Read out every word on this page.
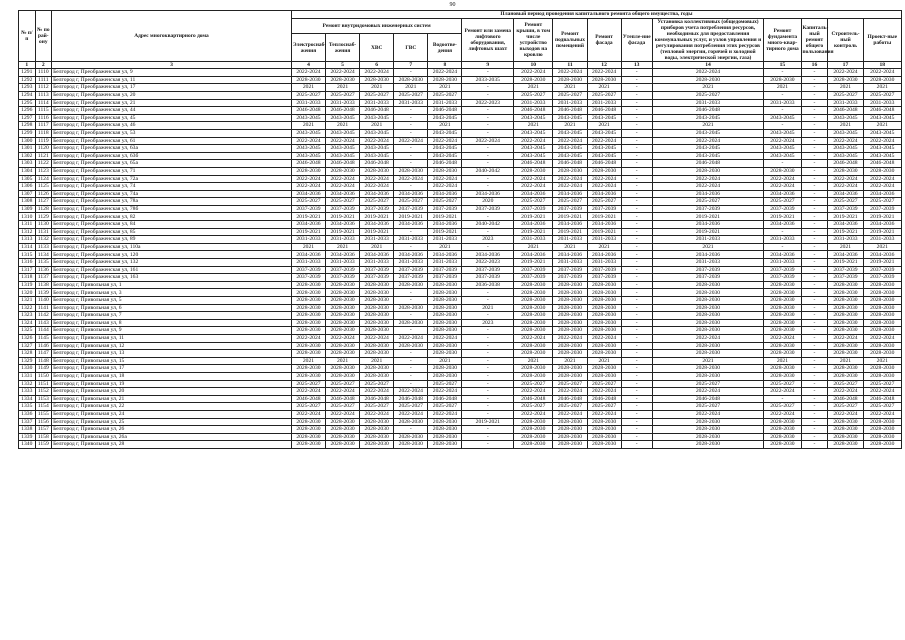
90
№ п/п	№ по рай-ону	Адрес многоквартирного дома	Плановый период проведения капитального ремонта общего имущества, годы														
			Ремонт внутридомовых инженерных систем					Ремонт или замена лифтового оборудования, лифтовых шахт	Ремонт крыши, в том числе устройство выходов на кровлю	Ремонт подвальных помещений	Ремонт фасада	Утепле-ние фасада	Установка коллективных (общедомовых) приборов учета потребления ресурсов, необходимых для предоставления коммунальных услуг, и узлов управления и регулирования потребления этих ресурсов (тепловой энергии, горячей и холодной воды, электрической энергии, газа)	Ремонт фундамента много-квар-тирного дома	Капиталь-ный ремонт общего пользования	Строитель-ный контроль	Проект-ные работы
			Электроснаб-жения	Теплоснаб-жения	ХВС	ГВС	Водоотве-дения										
1	2	3	4	5	6	7	8	9	10	11	12	13	14	15	16	17	18
1291	1110	Белгород г, Преображенская ул, 9	2022-2024	2022-2024	2022-2024	-	2022-2024	-	2022-2024	2022-2024	2022-2024	-	2022-2024	-	-	2022-2024	2022-2024
1292	1111	Белгород г, Преображенская ул, 11	2028-2030	2028-2030	2028-2030	2028-2030	2028-2030	2033-2035	2028-2030	2028-2030	2028-2030	-	2028-2030	2028-2030	-	2028-2030	2028-2030
1293	1112	Белгород г, Преображенская ул, 17	2021	2021	2021	2021	2021	-	2021	2021	2021	-	2021	2021	-	2021	2021
1294	1113	Белгород г, Преображенская ул, 20	2025-2027	2025-2027	2025-2027	2025-2027	2025-2027	-	2025-2027	2025-2027	2025-2027	-	2025-2027	-	-	2025-2027	2025-2027
1295	1114	Белгород г, Преображенская ул, 21	2031-2033	2031-2033	2031-2033	2031-2033	2031-2033	2022-2023	2031-2033	2031-2033	2031-2033	-	2031-2033	2031-2033	-	2031-2033	2031-2033
1296	1115	Белгород г, Преображенская ул, 44	2046-2048	2046-2048	2046-2048	-	2046-2048	-	2046-2048	2046-2048	2046-2048	-	2046-2048	-	-	2046-2048	2046-2048
1297	1116	Белгород г, Преображенская ул, 45	2043-2045	2043-2045	2043-2045	-	2043-2045	-	2043-2045	2043-2045	2043-2045	-	2043-2045	2043-2045	-	2043-2045	2043-2045
1298	1117	Белгород г, Преображенская ул, 46	2021	2021	2021	-	2021	-	2021	2021	2021	-	2021	-	-	2021	2021
1299	1118	Белгород г, Преображенская ул, 53	2043-2045	2043-2045	2043-2045	-	2043-2045	-	2043-2045	2043-2045	2043-2045	-	2043-2045	2043-2045	-	2043-2045	2043-2045
1300	1119	Белгород г, Преображенская ул, 61	2022-2024	2022-2024	2022-2024	2022-2024	2022-2024	2022-2024	2022-2024	2022-2024	2022-2024	-	2022-2024	2022-2024	-	2022-2024	2022-2024
1301	1120	Белгород г, Преображенская ул, 63а	2043-2045	2043-2045	2043-2045	-	2043-2045	-	2043-2045	2043-2045	2043-2045	-	2043-2045	2043-2045	-	2043-2045	2043-2045
1302	1121	Белгород г, Преображенская ул, 63б	2043-2045	2043-2045	2043-2045	-	2043-2045	-	2043-2045	2043-2045	2043-2045	-	2043-2045	2043-2045	-	2043-2045	2043-2045
1303	1122	Белгород г, Преображенская ул, 65а	2046-2048	2046-2048	2046-2048	-	2046-2048	-	2046-2048	2046-2048	2046-2048	-	2046-2048	-	-	2046-2048	2046-2048
1304	1123	Белгород г, Преображенская ул, 71	2028-2030	2028-2030	2028-2030	2028-2030	2028-2030	2040-2042	2028-2030	2028-2030	2028-2030	-	2028-2030	2028-2030	-	2028-2030	2028-2030
1305	1124	Белгород г, Преображенская ул, 72а	2022-2024	2022-2024	2022-2024	2022-2024	2022-2024	-	2022-2024	2022-2024	2022-2024	-	2022-2024	2022-2024	-	2022-2024	2022-2024
1306	1125	Белгород г, Преображенская ул, 74	2022-2024	2022-2024	2022-2024	-	2022-2024	-	2022-2024	2022-2024	2022-2024	-	2022-2024	2022-2024	-	2022-2024	2022-2024
1307	1126	Белгород г, Преображенская ул, 74а	2034-2036	2034-2036	2034-2036	2034-2036	2034-2036	2034-2036	2034-2036	2034-2036	2034-2036	-	2034-2036	2034-2036	-	2034-2036	2034-2036
1308	1127	Белгород г, Преображенская ул, 78а	2025-2027	2025-2027	2025-2027	2025-2027	2025-2027	2020	2025-2027	2025-2027	2025-2027	-	2025-2027	2025-2027	-	2025-2027	2025-2027
1309	1128	Белгород г, Преображенская ул, 78б	2037-2039	2037-2039	2037-2039	2037-2039	2037-2039	2037-2039	2037-2039	2037-2039	2037-2039	-	2037-2039	2037-2039	-	2037-2039	2037-2039
1310	1129	Белгород г, Преображенская ул, 82	2019-2021	2019-2021	2019-2021	2019-2021	2019-2021	-	2019-2021	2019-2021	2019-2021	-	2019-2021	2019-2021	-	2019-2021	2019-2021
1311	1130	Белгород г, Преображенская ул, 84	2034-2036	2034-2036	2034-2036	2034-2036	2034-2036	2040-2042	2034-2036	2034-2036	2034-2036	-	2034-2036	2034-2036	-	2034-2036	2034-2036
1312	1131	Белгород г, Преображенская ул, 85	2019-2021	2019-2021	2019-2021	-	2019-2021	-	2019-2021	2019-2021	2019-2021	-	2019-2021	-	-	2019-2021	2019-2021
1313	1132	Белгород г, Преображенская ул, 89	2031-2033	2031-2033	2031-2033	2031-2033	2031-2033	2023	2031-2033	2031-2033	2031-2033	-	2031-2033	2031-2033	-	2031-2033	2031-2033
1314	1133	Белгород г, Преображенская ул, 110а	2021	2021	2021	-	2021	-	2021	2021	2021	-	2021	-	-	2021	2021
1315	1134	Белгород г, Преображенская ул, 120	2034-2036	2034-2036	2034-2036	2034-2036	2034-2036	2034-2036	2034-2036	2034-2036	2034-2036	-	2034-2036	2034-2036	-	2034-2036	2034-2036
1316	1135	Белгород г, Преображенская ул, 132	2031-2033	2031-2033	2031-2033	2031-2033	2031-2033	2022-2023	2019-2021	2031-2033	2031-2033	-	2031-2033	2031-2033	-	2019-2021	2019-2021
1317	1136	Белгород г, Преображенская ул, 161	2037-2039	2037-2039	2037-2039	2037-2039	2037-2039	2037-2039	2037-2039	2037-2039	2037-2039	-	2037-2039	2037-2039	-	2037-2039	2037-2039
1318	1137	Белгород г, Преображенская ул, 163	2037-2039	2037-2039	2037-2039	2037-2039	2037-2039	2037-2039	2037-2039	2037-2039	2037-2039	-	2037-2039	2037-2039	-	2037-2039	2037-2039
1319	1138	Белгород г, Привольная ул, 1	2028-2030	2028-2030	2028-2030	2028-2030	2028-2030	2036-2038	2028-2030	2028-2030	2028-2030	-	2028-2030	2028-2030	-	2028-2030	2028-2030
1320	1139	Белгород г, Привольная ул, 3	2028-2030	2028-2030	2028-2030	-	2028-2030	-	2028-2030	2028-2030	2028-2030	-	2028-2030	2028-2030	-	2028-2030	2028-2030
1321	1140	Белгород г, Привольная ул, 5	2028-2030	2028-2030	2028-2030	-	2028-2030	-	2028-2030	2028-2030	2028-2030	-	2028-2030	2028-2030	-	2028-2030	2028-2030
1322	1141	Белгород г, Привольная ул, 6	2028-2030	2028-2030	2028-2030	2028-2030	2028-2030	2021	2028-2030	2028-2030	2028-2030	-	2028-2030	2028-2030	-	2028-2030	2028-2030
1323	1142	Белгород г, Привольная ул, 7	2028-2030	2028-2030	2028-2030	-	2028-2030	-	2028-2030	2028-2030	2028-2030	-	2028-2030	2028-2030	-	2028-2030	2028-2030
1324	1143	Белгород г, Привольная ул, 8	2028-2030	2028-2030	2028-2030	2028-2030	2028-2030	2023	2028-2030	2028-2030	2028-2030	-	2028-2030	2028-2030	-	2028-2030	2028-2030
1325	1144	Белгород г, Привольная ул, 9	2028-2030	2028-2030	2028-2030	-	2028-2030	-	2028-2030	2028-2030	2028-2030	-	2028-2030	2028-2030	-	2028-2030	2028-2030
1326	1145	Белгород г, Привольная ул, 11	2022-2024	2022-2024	2022-2024	2022-2024	2022-2024	-	2022-2024	2022-2024	2022-2024	-	2022-2024	2022-2024	-	2022-2024	2022-2024
1327	1146	Белгород г, Привольная ул, 12	2028-2030	2028-2030	2028-2030	2028-2030	2028-2030	-	2028-2030	2028-2030	2028-2030	-	2028-2030	2028-2030	-	2028-2030	2028-2030
1328	1147	Белгород г, Привольная ул, 13	2028-2030	2028-2030	2028-2030	-	2028-2030	-	2028-2030	2028-2030	2028-2030	-	2028-2030	2028-2030	-	2028-2030	2028-2030
1329	1148	Белгород г, Привольная ул, 15	2021	2021	2021	-	2021	-	2021	2021	2021	-	2021	2021	-	2021	2021
1330	1149	Белгород г, Привольная ул, 17	2028-2030	2028-2030	2028-2030	-	2028-2030	-	2028-2030	2028-2030	2028-2030	-	2028-2030	2028-2030	-	2028-2030	2028-2030
1331	1150	Белгород г, Привольная ул, 18	2028-2030	2028-2030	2028-2030	-	2028-2030	-	2028-2030	2028-2030	2028-2030	-	2028-2030	2028-2030	-	2028-2030	2028-2030
1332	1151	Белгород г, Привольная ул, 19	2025-2027	2025-2027	2025-2027	-	2025-2027	-	2025-2027	2025-2027	2025-2027	-	2025-2027	2025-2027	-	2025-2027	2025-2027
1333	1152	Белгород г, Привольная ул, 20	2022-2024	2022-2024	2022-2024	2022-2024	2022-2024	-	2022-2024	2022-2024	2022-2024	-	2022-2024	2022-2024	-	2022-2024	2022-2024
1334	1153	Белгород г, Привольная ул, 21	2046-2048	2046-2048	2046-2048	2046-2048	2046-2048	-	2046-2048	2046-2048	2046-2048	-	2046-2048	-	-	2046-2048	2046-2048
1335	1154	Белгород г, Привольная ул, 22	2025-2027	2025-2027	2025-2027	2025-2027	2025-2027	-	2025-2027	2025-2027	2025-2027	-	2025-2027	2025-2027	-	2025-2027	2025-2027
1336	1155	Белгород г, Привольная ул, 24	2022-2024	2022-2024	2022-2024	2022-2024	2022-2024	-	2022-2024	2022-2024	2022-2024	-	2022-2024	2022-2024	-	2022-2024	2022-2024
1337	1156	Белгород г, Привольная ул, 25	2028-2030	2028-2030	2028-2030	2028-2030	2028-2030	2019-2021	2028-2030	2028-2030	2028-2030	-	2028-2030	2028-2030	-	2028-2030	2028-2030
1338	1157	Белгород г, Привольная ул, 26	2028-2030	2028-2030	2028-2030	-	2028-2030	-	2028-2030	2028-2030	2028-2030	-	2028-2030	2028-2030	-	2028-2030	2028-2030
1339	1158	Белгород г, Привольная ул, 26а	2028-2030	2028-2030	2028-2030	2028-2030	2028-2030	-	2028-2030	2028-2030	2028-2030	-	2028-2030	2028-2030	-	2028-2030	2028-2030
1340	1159	Белгород г, Привольная ул, 28	2028-2030	2028-2030	2028-2030	2028-2030	2028-2030	-	2028-2030	2028-2030	2028-2030	-	2028-2030	2028-2030	-	2028-2030	2028-2030
